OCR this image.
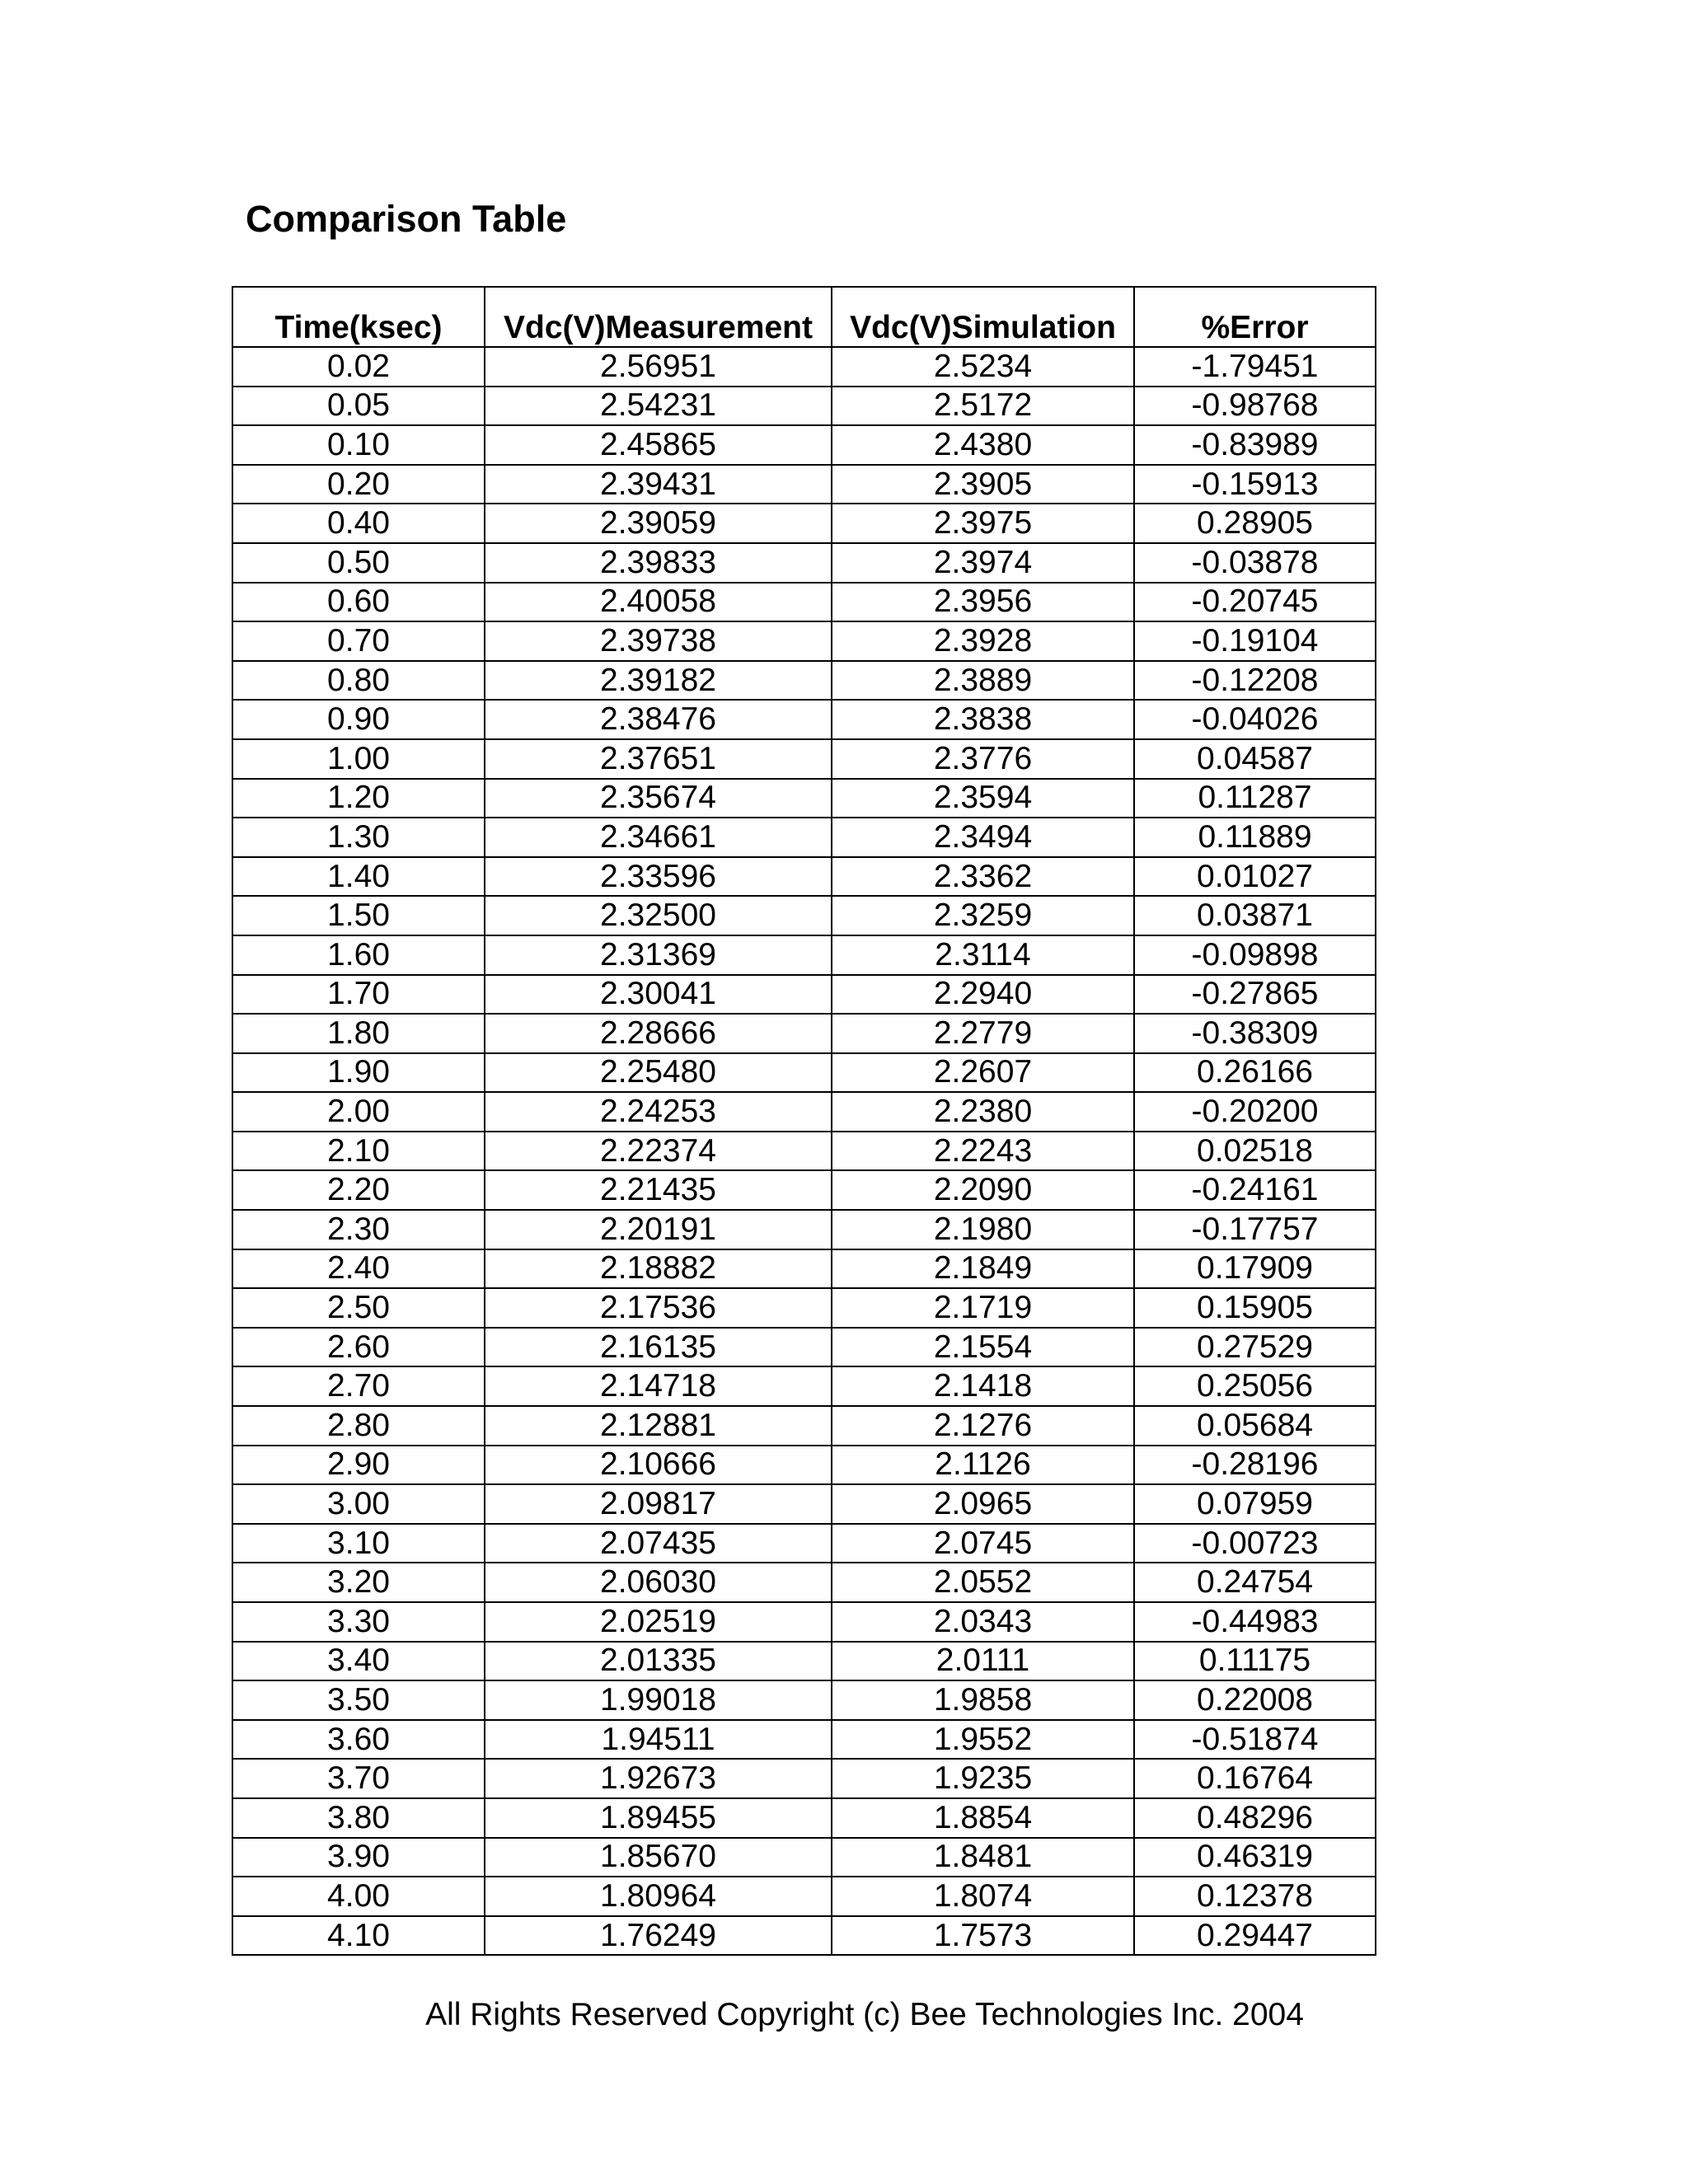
Comparison Table
Time(ksec)	Vdc(V)Measurement	Vdc(V)Simulation	%Error
0.02	2.56951	2.5234	-1.79451
0.05	2.54231	2.5172	-0.98768
0.10	2.45865	2.4380	-0.83989
0.20	2.39431	2.3905	-0.15913
0.40	2.39059	2.3975	0.28905
0.50	2.39833	2.3974	-0.03878
0.60	2.40058	2.3956	-0.20745
0.70	2.39738	2.3928	-0.19104
0.80	2.39182	2.3889	-0.12208
0.90	2.38476	2.3838	-0.04026
1.00	2.37651	2.3776	0.04587
1.20	2.35674	2.3594	0.11287
1.30	2.34661	2.3494	0.11889
1.40	2.33596	2.3362	0.01027
1.50	2.32500	2.3259	0.03871
1.60	2.31369	2.3114	-0.09898
1.70	2.30041	2.2940	-0.27865
1.80	2.28666	2.2779	-0.38309
1.90	2.25480	2.2607	0.26166
2.00	2.24253	2.2380	-0.20200
2.10	2.22374	2.2243	0.02518
2.20	2.21435	2.2090	-0.24161
2.30	2.20191	2.1980	-0.17757
2.40	2.18882	2.1849	0.17909
2.50	2.17536	2.1719	0.15905
2.60	2.16135	2.1554	0.27529
2.70	2.14718	2.1418	0.25056
2.80	2.12881	2.1276	0.05684
2.90	2.10666	2.1126	-0.28196
3.00	2.09817	2.0965	0.07959
3.10	2.07435	2.0745	-0.00723
3.20	2.06030	2.0552	0.24754
3.30	2.02519	2.0343	-0.44983
3.40	2.01335	2.0111	0.11175
3.50	1.99018	1.9858	0.22008
3.60	1.94511	1.9552	-0.51874
3.70	1.92673	1.9235	0.16764
3.80	1.89455	1.8854	0.48296
3.90	1.85670	1.8481	0.46319
4.00	1.80964	1.8074	0.12378
4.10	1.76249	1.7573	0.29447
All Rights Reserved Copyright (c) Bee Technologies Inc. 2004
